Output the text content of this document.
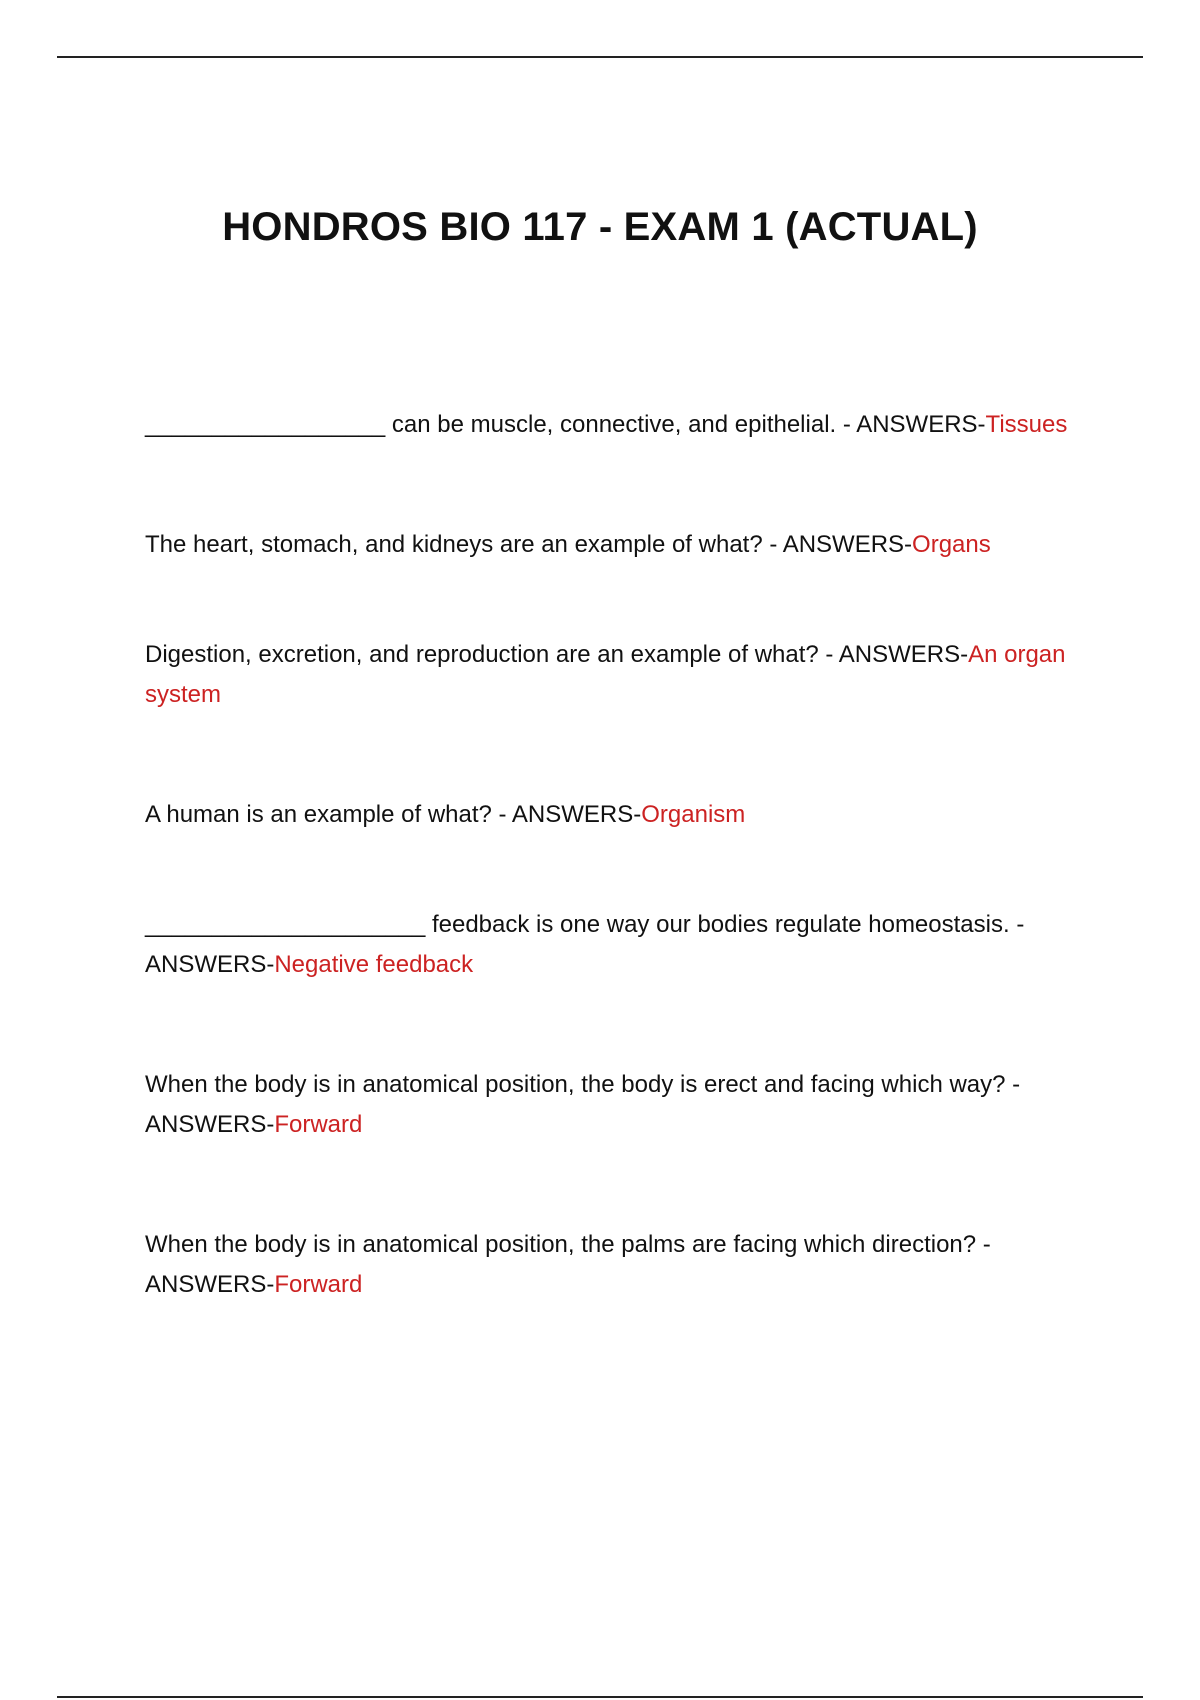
HONDROS BIO 117 - EXAM 1 (ACTUAL)

__________________ can be muscle, connective, and epithelial. - ANSWERS-Tissues

The heart, stomach, and kidneys are an example of what? - ANSWERS-Organs

Digestion, excretion, and reproduction are an example of what? - ANSWERS-An organ system

A human is an example of what? - ANSWERS-Organism

_____________________ feedback is one way our bodies regulate homeostasis. - ANSWERS-Negative feedback

When the body is in anatomical position, the body is erect and facing which way? - ANSWERS-Forward

When the body is in anatomical position, the palms are facing which direction? - ANSWERS-Forward
